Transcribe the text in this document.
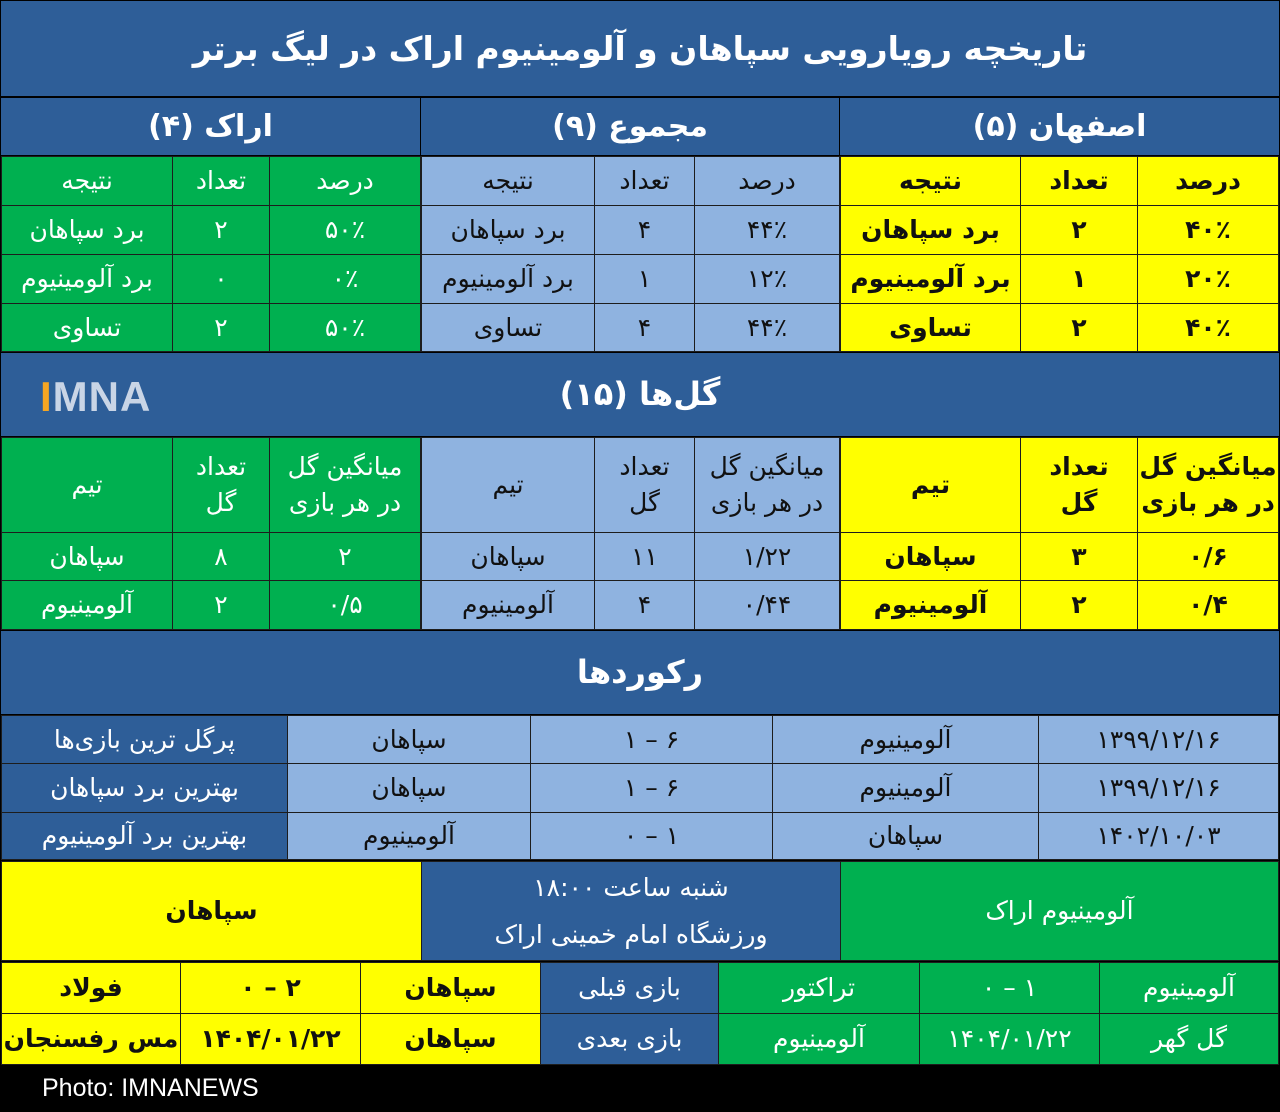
تاریخچه رویارویی سپاهان و آلومینیوم اراک در لیگ برتر
اصفهان (۵)
مجموع (۹)
اراک (۴)
درصد
تعداد
نتیجه
۴۰٪
۲
برد سپاهان
۲۰٪
۱
برد آلومینیوم
۴۰٪
۲
تساوی
درصد
تعداد
نتیجه
۴۴٪
۴
برد سپاهان
۱۲٪
۱
برد آلومینیوم
۴۴٪
۴
تساوی
درصد
تعداد
نتیجه
۵۰٪
۲
برد سپاهان
۰٪
۰
برد آلومینیوم
۵۰٪
۲
تساوی
گل‌ها (۱۵)
IMNA
میانگین گل
در هر بازی
تعداد
گل
تیم
۰/۶
۳
سپاهان
۰/۴
۲
آلومینیوم
میانگین گل
در هر بازی
تعداد
گل
تیم
۱/۲۲
۱۱
سپاهان
۰/۴۴
۴
آلومینیوم
میانگین گل
در هر بازی
تعداد
گل
تیم
۲
۸
سپاهان
۰/۵
۲
آلومینیوم
رکوردها
۱۳۹۹/۱۲/۱۶
آلومینیوم
۶ – ۱
سپاهان
پرگل ترین بازی‌ها
۱۳۹۹/۱۲/۱۶
آلومینیوم
۶ – ۱
سپاهان
بهترین برد سپاهان
۱۴۰۲/۱۰/۰۳
سپاهان
۱ – ۰
آلومینیوم
بهترین برد آلومینیوم
آلومینیوم اراک
شنبه ساعت ۱۸:۰۰
ورزشگاه امام خمینی اراک
سپاهان
آلومینیوم
۱ – ۰
تراکتور
بازی قبلی
سپاهان
۲ – ۰
فولاد
گل گهر
۱۴۰۴/۰۱/۲۲
آلومینیوم
بازی بعدی
سپاهان
۱۴۰۴/۰۱/۲۲
مس رفسنجان
Photo: IMNANEWS
